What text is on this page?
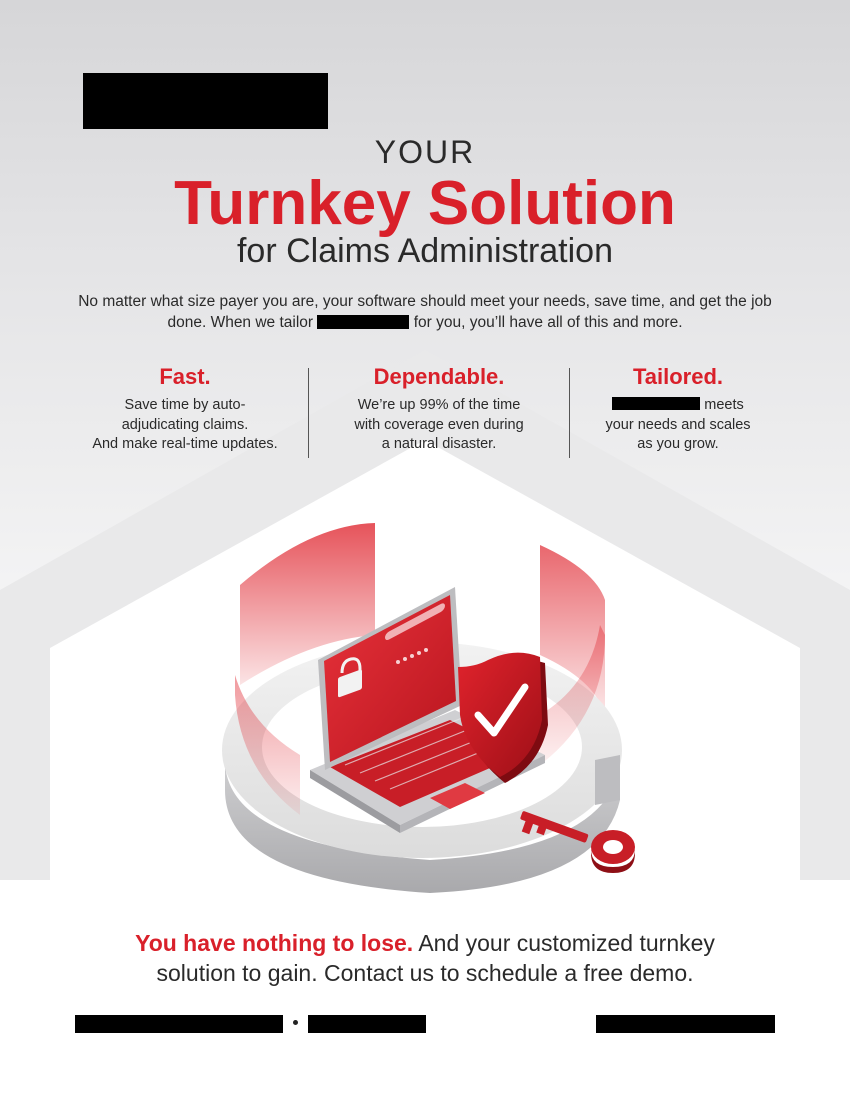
YOUR
Turnkey Solution
for Claims Administration
No matter what size payer you are, your software should meet your needs, save time, and get the job done. When we tailor	for you, you’ll have all of this and more.
Fast.

Save time by auto-
adjudicating claims.
And make real-time updates.

Dependable.

We’re up 99% of the time
with coverage even during
a natural disaster.

Tailored.

meets
your needs and scales
as you grow.

You have nothing to lose. And your customized turnkey
solution to gain. Contact us to schedule a free demo.
